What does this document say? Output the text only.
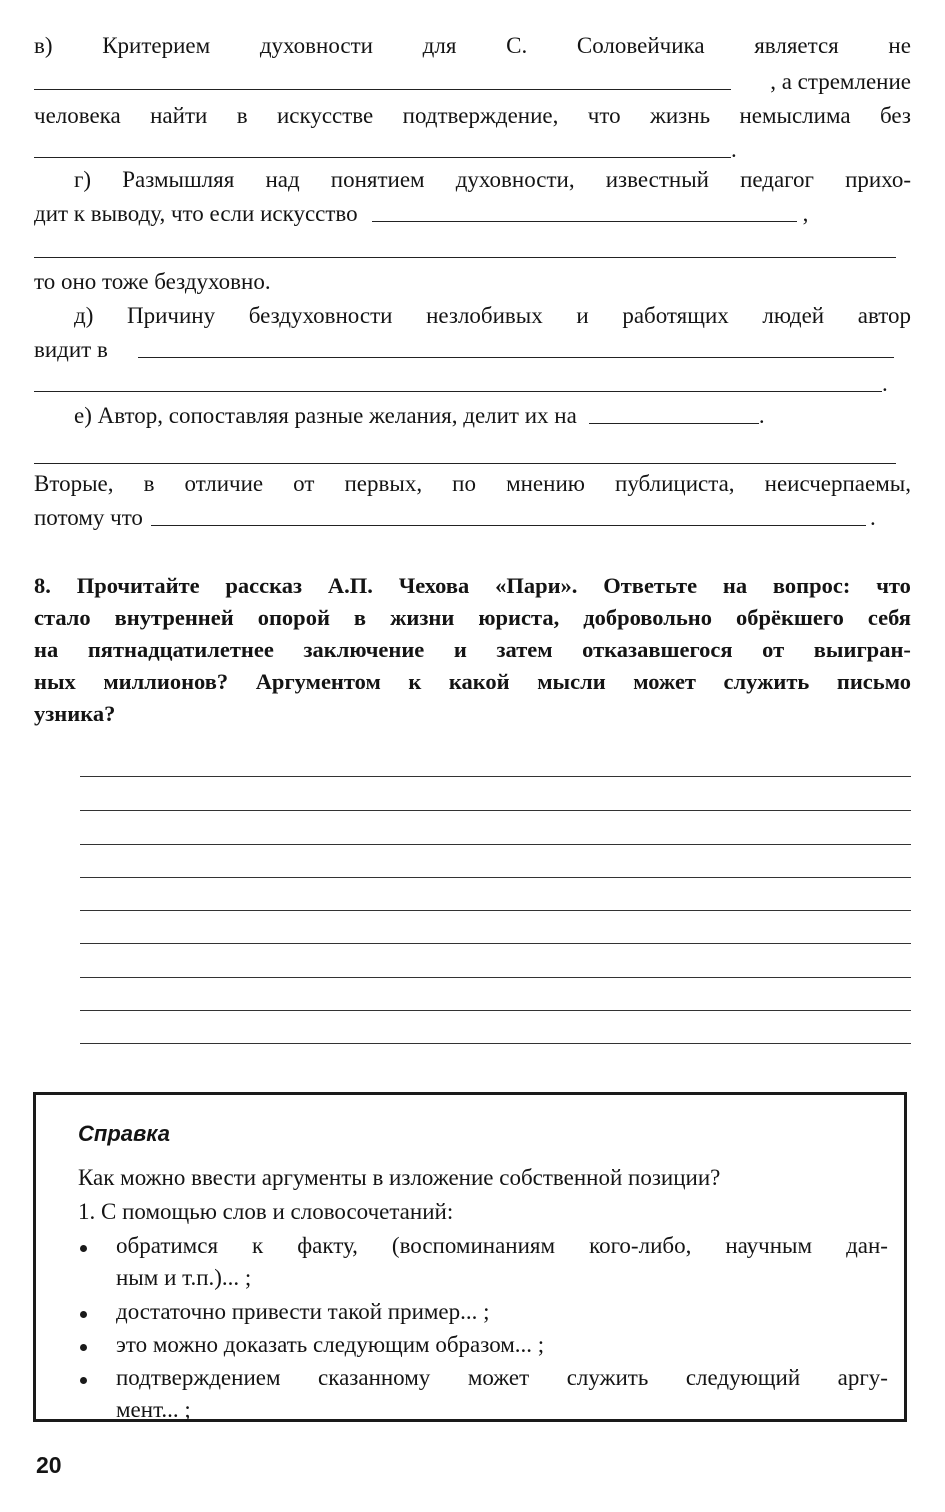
в) Критерием духовности для С. Соловейчика является не
, а стремление
человека найти в искусстве подтверждение, что жизнь немыслима без
.
г) Размышляя над понятием духовности, известный педагог прихо-
дит к выводу, что если искусство	,
то оно тоже бездуховно.
д) Причину бездуховности незлобивых и работящих людей автор
видит в
.
е) Автор, сопоставляя разные желания, делит их на	.
Вторые, в отличие от первых, по мнению публициста, неисчерпаемы,
потому что	.
8. Прочитайте рассказ А.П. Чехова «Пари». Ответьте на вопрос: что
стало внутренней опорой в жизни юриста, добровольно обрёкшего себя
на пятнадцатилетнее заключение и затем отказавшегося от выигран-
ных миллионов? Аргументом к какой мысли может служить письмо
узника?
Справка
Как можно ввести аргументы в изложение собственной позиции?
1. С помощью слов и словосочетаний:
обратимся к факту, (воспоминаниям кого-либо, научным дан-
ным и т.п.)... ;
достаточно привести такой пример... ;
это можно доказать следующим образом... ;
подтверждением сказанному может служить следующий аргу-
мент... ;
20
